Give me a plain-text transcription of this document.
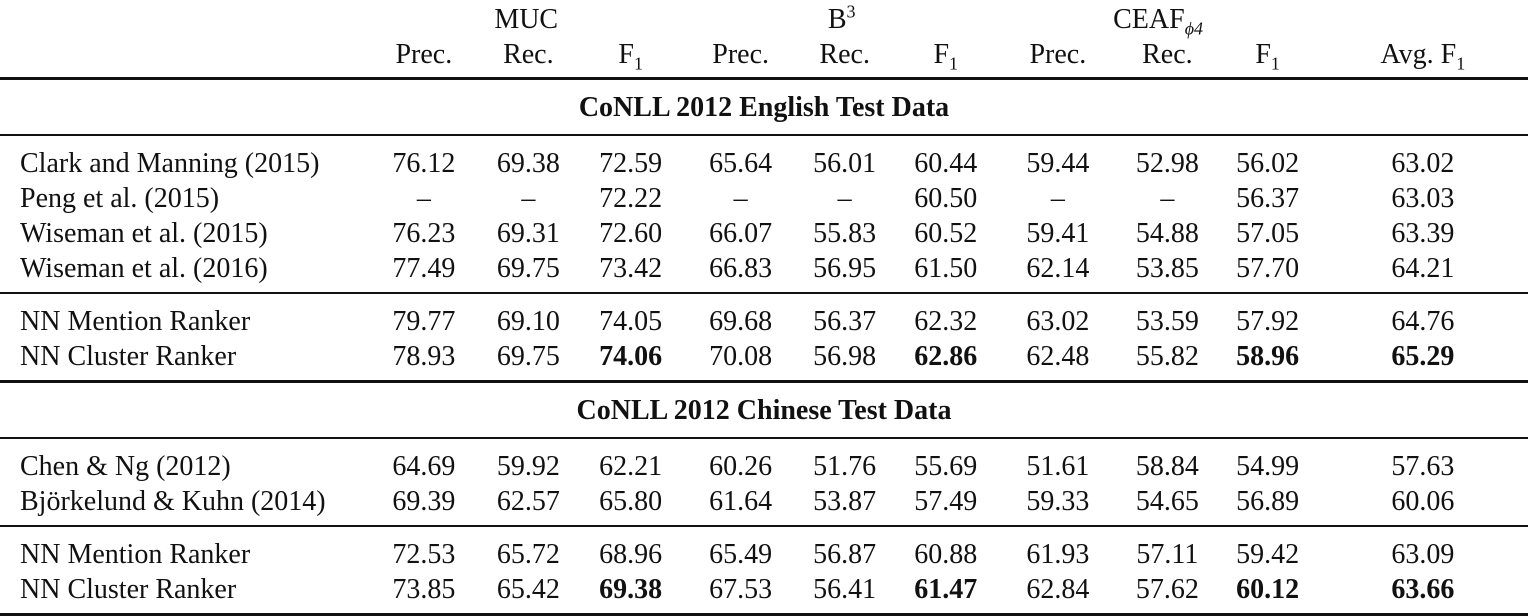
	MUC			$B^3$			$CEAF_{\phi 4}$	
	Prec.	Rec.	$F_1$	Prec.	Rec.	$F_1$	Prec.	Rec.	$F_1$	Avg. $F_1$
CoNLL 2012 English Test Data										
Clark and Manning (2015)	76.12	69.38	72.59	65.64	56.01	60.44	59.44	52.98	56.02	63.02
Peng et al. (2015)	–	–	72.22	–	–	60.50	–	–	56.37	63.03
Wiseman et al. (2015)	76.23	69.31	72.60	66.07	55.83	60.52	59.41	54.88	57.05	63.39
Wiseman et al. (2016)	77.49	69.75	73.42	66.83	56.95	61.50	62.14	53.85	57.70	64.21
NN Mention Ranker	79.77	69.10	74.05	69.68	56.37	62.32	63.02	53.59	57.92	64.76
NN Cluster Ranker	78.93	69.75	74.06	70.08	56.98	62.86	62.48	55.82	58.96	65.29
CoNLL 2012 Chinese Test Data										
Chen & Ng (2012)	64.69	59.92	62.21	60.26	51.76	55.69	51.61	58.84	54.99	57.63
Björkelund & Kuhn (2014)	69.39	62.57	65.80	61.64	53.87	57.49	59.33	54.65	56.89	60.06
NN Mention Ranker	72.53	65.72	68.96	65.49	56.87	60.88	61.93	57.11	59.42	63.09
NN Cluster Ranker	73.85	65.42	69.38	67.53	56.41	61.47	62.84	57.62	60.12	63.66
